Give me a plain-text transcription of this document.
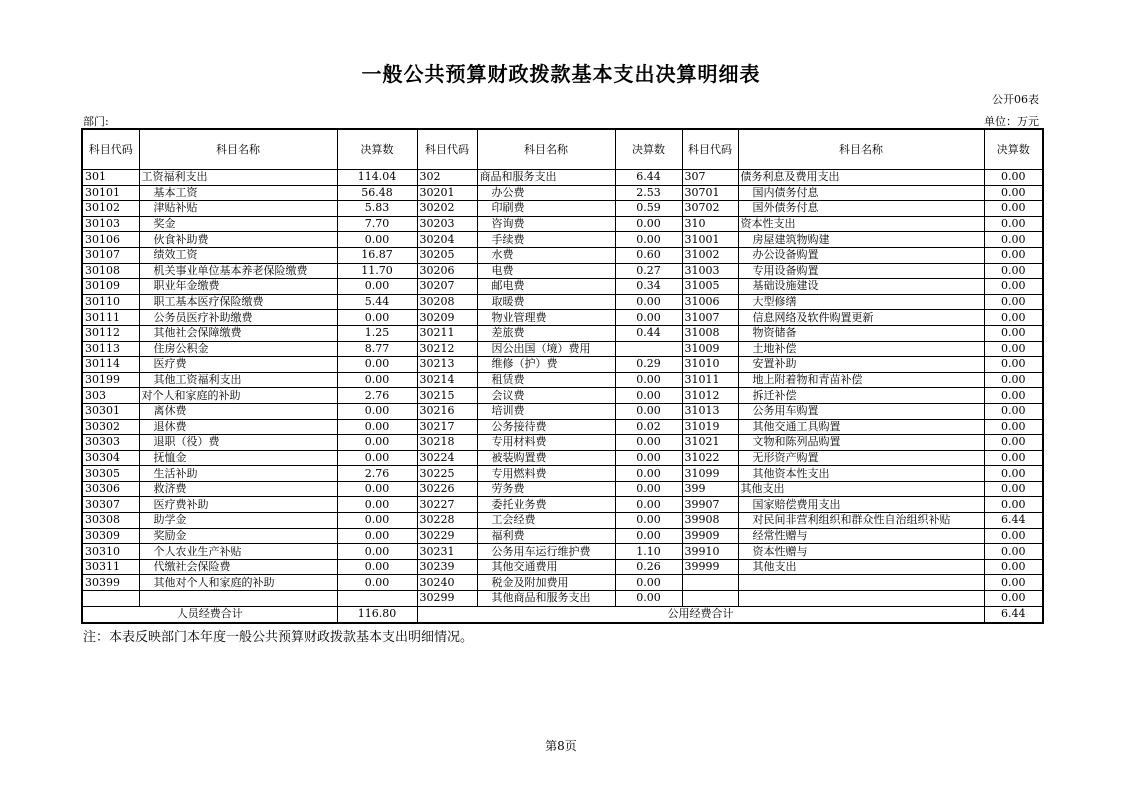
一般公共预算财政拨款基本支出决算明细表
公开06表
部门:	单位：万元
科目代码	科目名称	决算数	科目代码	科目名称	决算数	科目代码	科目名称	决算数
301	工资福利支出	114.04	302	商品和服务支出	6.44	307	债务利息及费用支出	0.00
30101	基本工资	56.48	30201	办公费	2.53	30701	国内债务付息	0.00
30102	津贴补贴	5.83	30202	印刷费	0.59	30702	国外债务付息	0.00
30103	奖金	7.70	30203	咨询费	0.00	310	资本性支出	0.00
30106	伙食补助费	0.00	30204	手续费	0.00	31001	房屋建筑物购建	0.00
30107	绩效工资	16.87	30205	水费	0.60	31002	办公设备购置	0.00
30108	机关事业单位基本养老保险缴费	11.70	30206	电费	0.27	31003	专用设备购置	0.00
30109	职业年金缴费	0.00	30207	邮电费	0.34	31005	基础设施建设	0.00
30110	职工基本医疗保险缴费	5.44	30208	取暖费	0.00	31006	大型修缮	0.00
30111	公务员医疗补助缴费	0.00	30209	物业管理费	0.00	31007	信息网络及软件购置更新	0.00
30112	其他社会保障缴费	1.25	30211	差旅费	0.44	31008	物资储备	0.00
30113	住房公积金	8.77	30212	因公出国（境）费用		31009	土地补偿	0.00
30114	医疗费	0.00	30213	维修（护）费	0.29	31010	安置补助	0.00
30199	其他工资福利支出	0.00	30214	租赁费	0.00	31011	地上附着物和青苗补偿	0.00
303	对个人和家庭的补助	2.76	30215	会议费	0.00	31012	拆迁补偿	0.00
30301	离休费	0.00	30216	培训费	0.00	31013	公务用车购置	0.00
30302	退休费	0.00	30217	公务接待费	0.02	31019	其他交通工具购置	0.00
30303	退职（役）费	0.00	30218	专用材料费	0.00	31021	文物和陈列品购置	0.00
30304	抚恤金	0.00	30224	被装购置费	0.00	31022	无形资产购置	0.00
30305	生活补助	2.76	30225	专用燃料费	0.00	31099	其他资本性支出	0.00
30306	救济费	0.00	30226	劳务费	0.00	399	其他支出	0.00
30307	医疗费补助	0.00	30227	委托业务费	0.00	39907	国家赔偿费用支出	0.00
30308	助学金	0.00	30228	工会经费	0.00	39908	对民间非营利组织和群众性自治组织补贴	6.44
30309	奖励金	0.00	30229	福利费	0.00	39909	经常性赠与	0.00
30310	个人农业生产补贴	0.00	30231	公务用车运行维护费	1.10	39910	资本性赠与	0.00
30311	代缴社会保险费	0.00	30239	其他交通费用	0.26	39999	其他支出	0.00
30399	其他对个人和家庭的补助	0.00	30240	税金及附加费用	0.00			0.00
			30299	其他商品和服务支出	0.00			0.00
人员经费合计		116.80	公用经费合计					6.44
注：本表反映部门本年度一般公共预算财政拨款基本支出明细情况。
第8页
